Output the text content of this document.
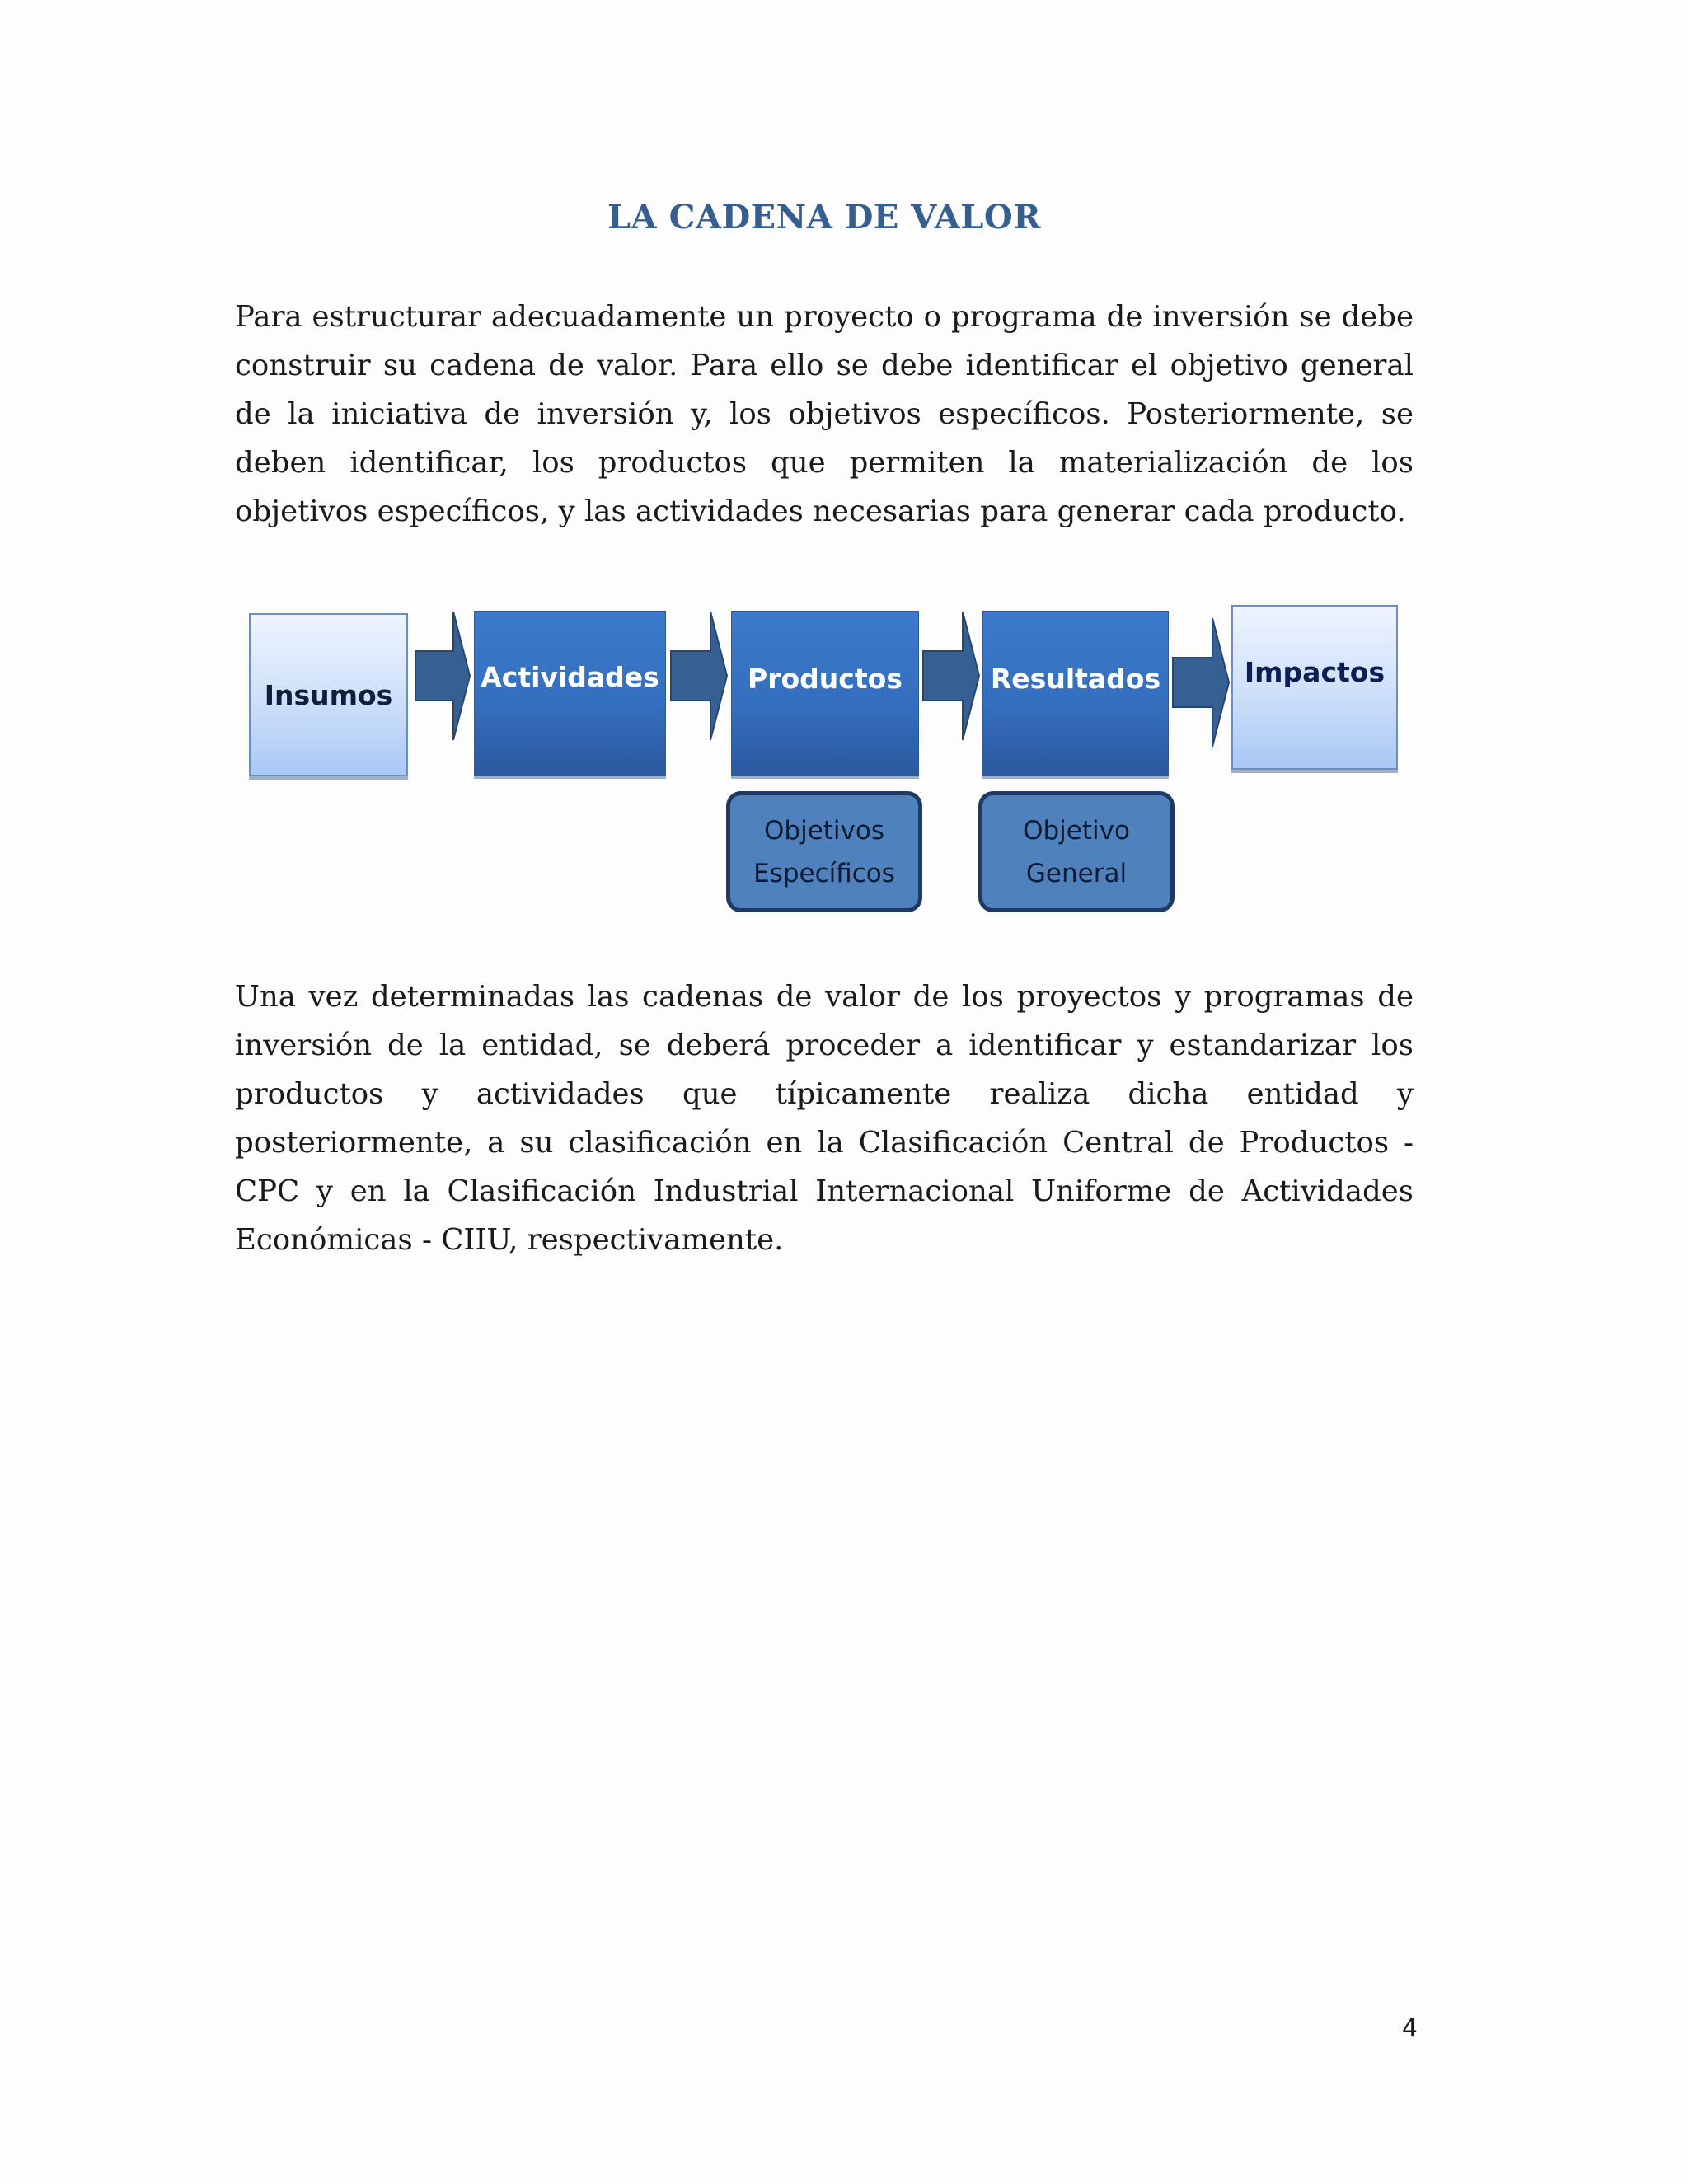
LA CADENA DE VALOR
Para estructurar adecuadamente un proyecto o programa de inversión se debe construir su cadena de valor. Para ello se debe identificar el objetivo general de la iniciativa de inversión y, los objetivos específicos. Posteriormente, se deben identificar, los productos que permiten la materialización de los objetivos específicos, y las actividades necesarias para generar cada producto.
Insumos
Actividades	Productos	Resultados	Impactos
Objetivos
Específicos
Objetivo
General
Una vez determinadas las cadenas de valor de los proyectos y programas de inversión de la entidad, se deberá proceder a identificar y estandarizar los productos y actividades que típicamente realiza dicha entidad y posteriormente, a su clasificación en la Clasificación Central de Productos - CPC y en la Clasificación Industrial Internacional Uniforme de Actividades Económicas - CIIU, respectivamente.
4
